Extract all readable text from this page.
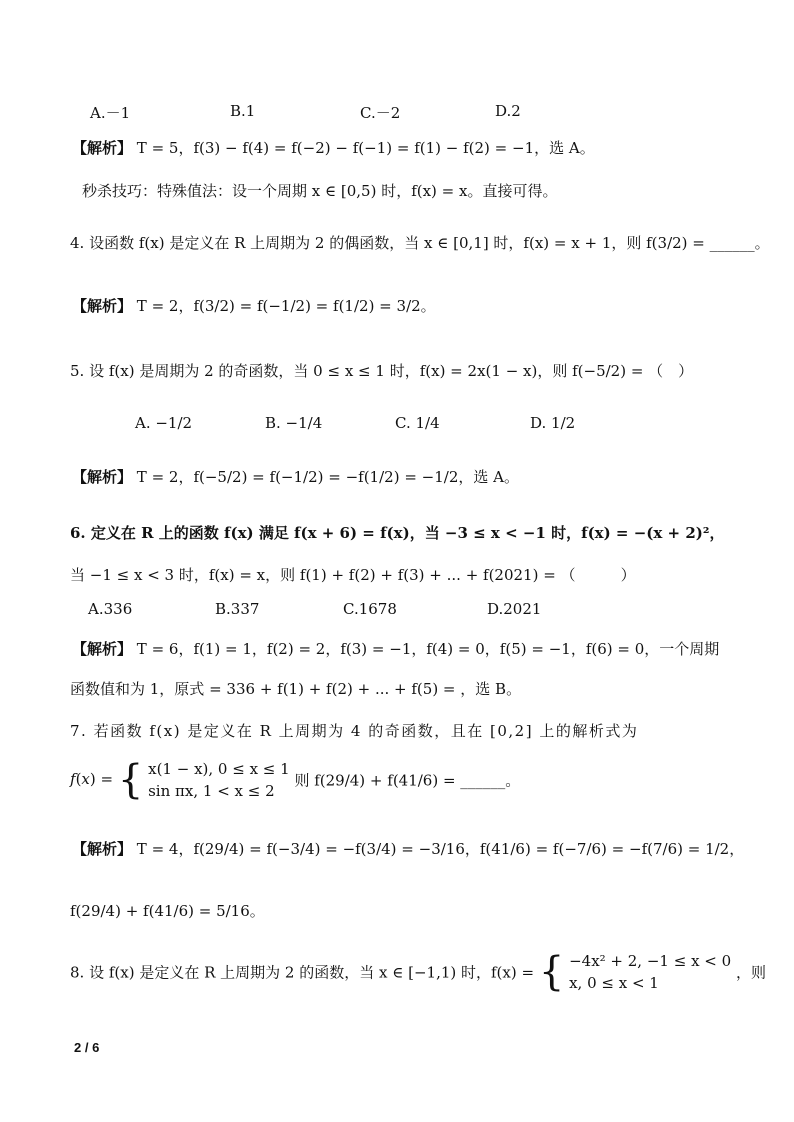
A.－1	B.1	C.－2	D.2
【解析】 T = 5，f(3) − f(4) = f(−2) − f(−1) = f(1) − f(2) = −1，选 A。
秒杀技巧：特殊值法：设一个周期 x ∈ [0,5) 时，f(x) = x。直接可得。
4. 设函数 f(x) 是定义在 R 上周期为 2 的偶函数，当 x ∈ [0,1] 时，f(x) = x + 1，则 f(3/2) = ______。
【解析】 T = 2，f(3/2) = f(−1/2) = f(1/2) = 3/2。
5. 设 f(x) 是周期为 2 的奇函数，当 0 ≤ x ≤ 1 时，f(x) = 2x(1 − x)，则 f(−5/2) = （　）
A. −1/2	B. −1/4	C. 1/4	D. 1/2
【解析】 T = 2，f(−5/2) = f(−1/2) = −f(1/2) = −1/2，选 A。
6. 定义在 R 上的函数 f(x) 满足 f(x + 6) = f(x)，当 −3 ≤ x < −1 时，f(x) = −(x + 2)²，
当 −1 ≤ x < 3 时，f(x) = x，则 f(1) + f(2) + f(3) + ... + f(2021) = （　　　）
A.336	B.337	C.1678	D.2021
【解析】 T = 6，f(1) = 1，f(2) = 2，f(3) = −1，f(4) = 0，f(5) = −1，f(6) = 0，一个周期
函数值和为 1，原式 = 336 + f(1) + f(2) + ... + f(5) = ，选 B。
7. 若函数 f(x) 是定义在 R 上周期为 4 的奇函数，且在 [0,2] 上的解析式为
f(x) = { x(1 − x), 0 ≤ x ≤ 1
sin πx, 1 < x ≤ 2
则 f(29/4) + f(41/6) = ______。
【解析】 T = 4，f(29/4) = f(−3/4) = −f(3/4) = −3/16，f(41/6) = f(−7/6) = −f(7/6) = 1/2，
f(29/4) + f(41/6) = 5/16。
8. 设 f(x) 是定义在 R 上周期为 2 的函数，当 x ∈ [−1,1) 时，f(x) = { −4x² + 2, −1 ≤ x < 0
x, 0 ≤ x < 1
，则
2 / 6
